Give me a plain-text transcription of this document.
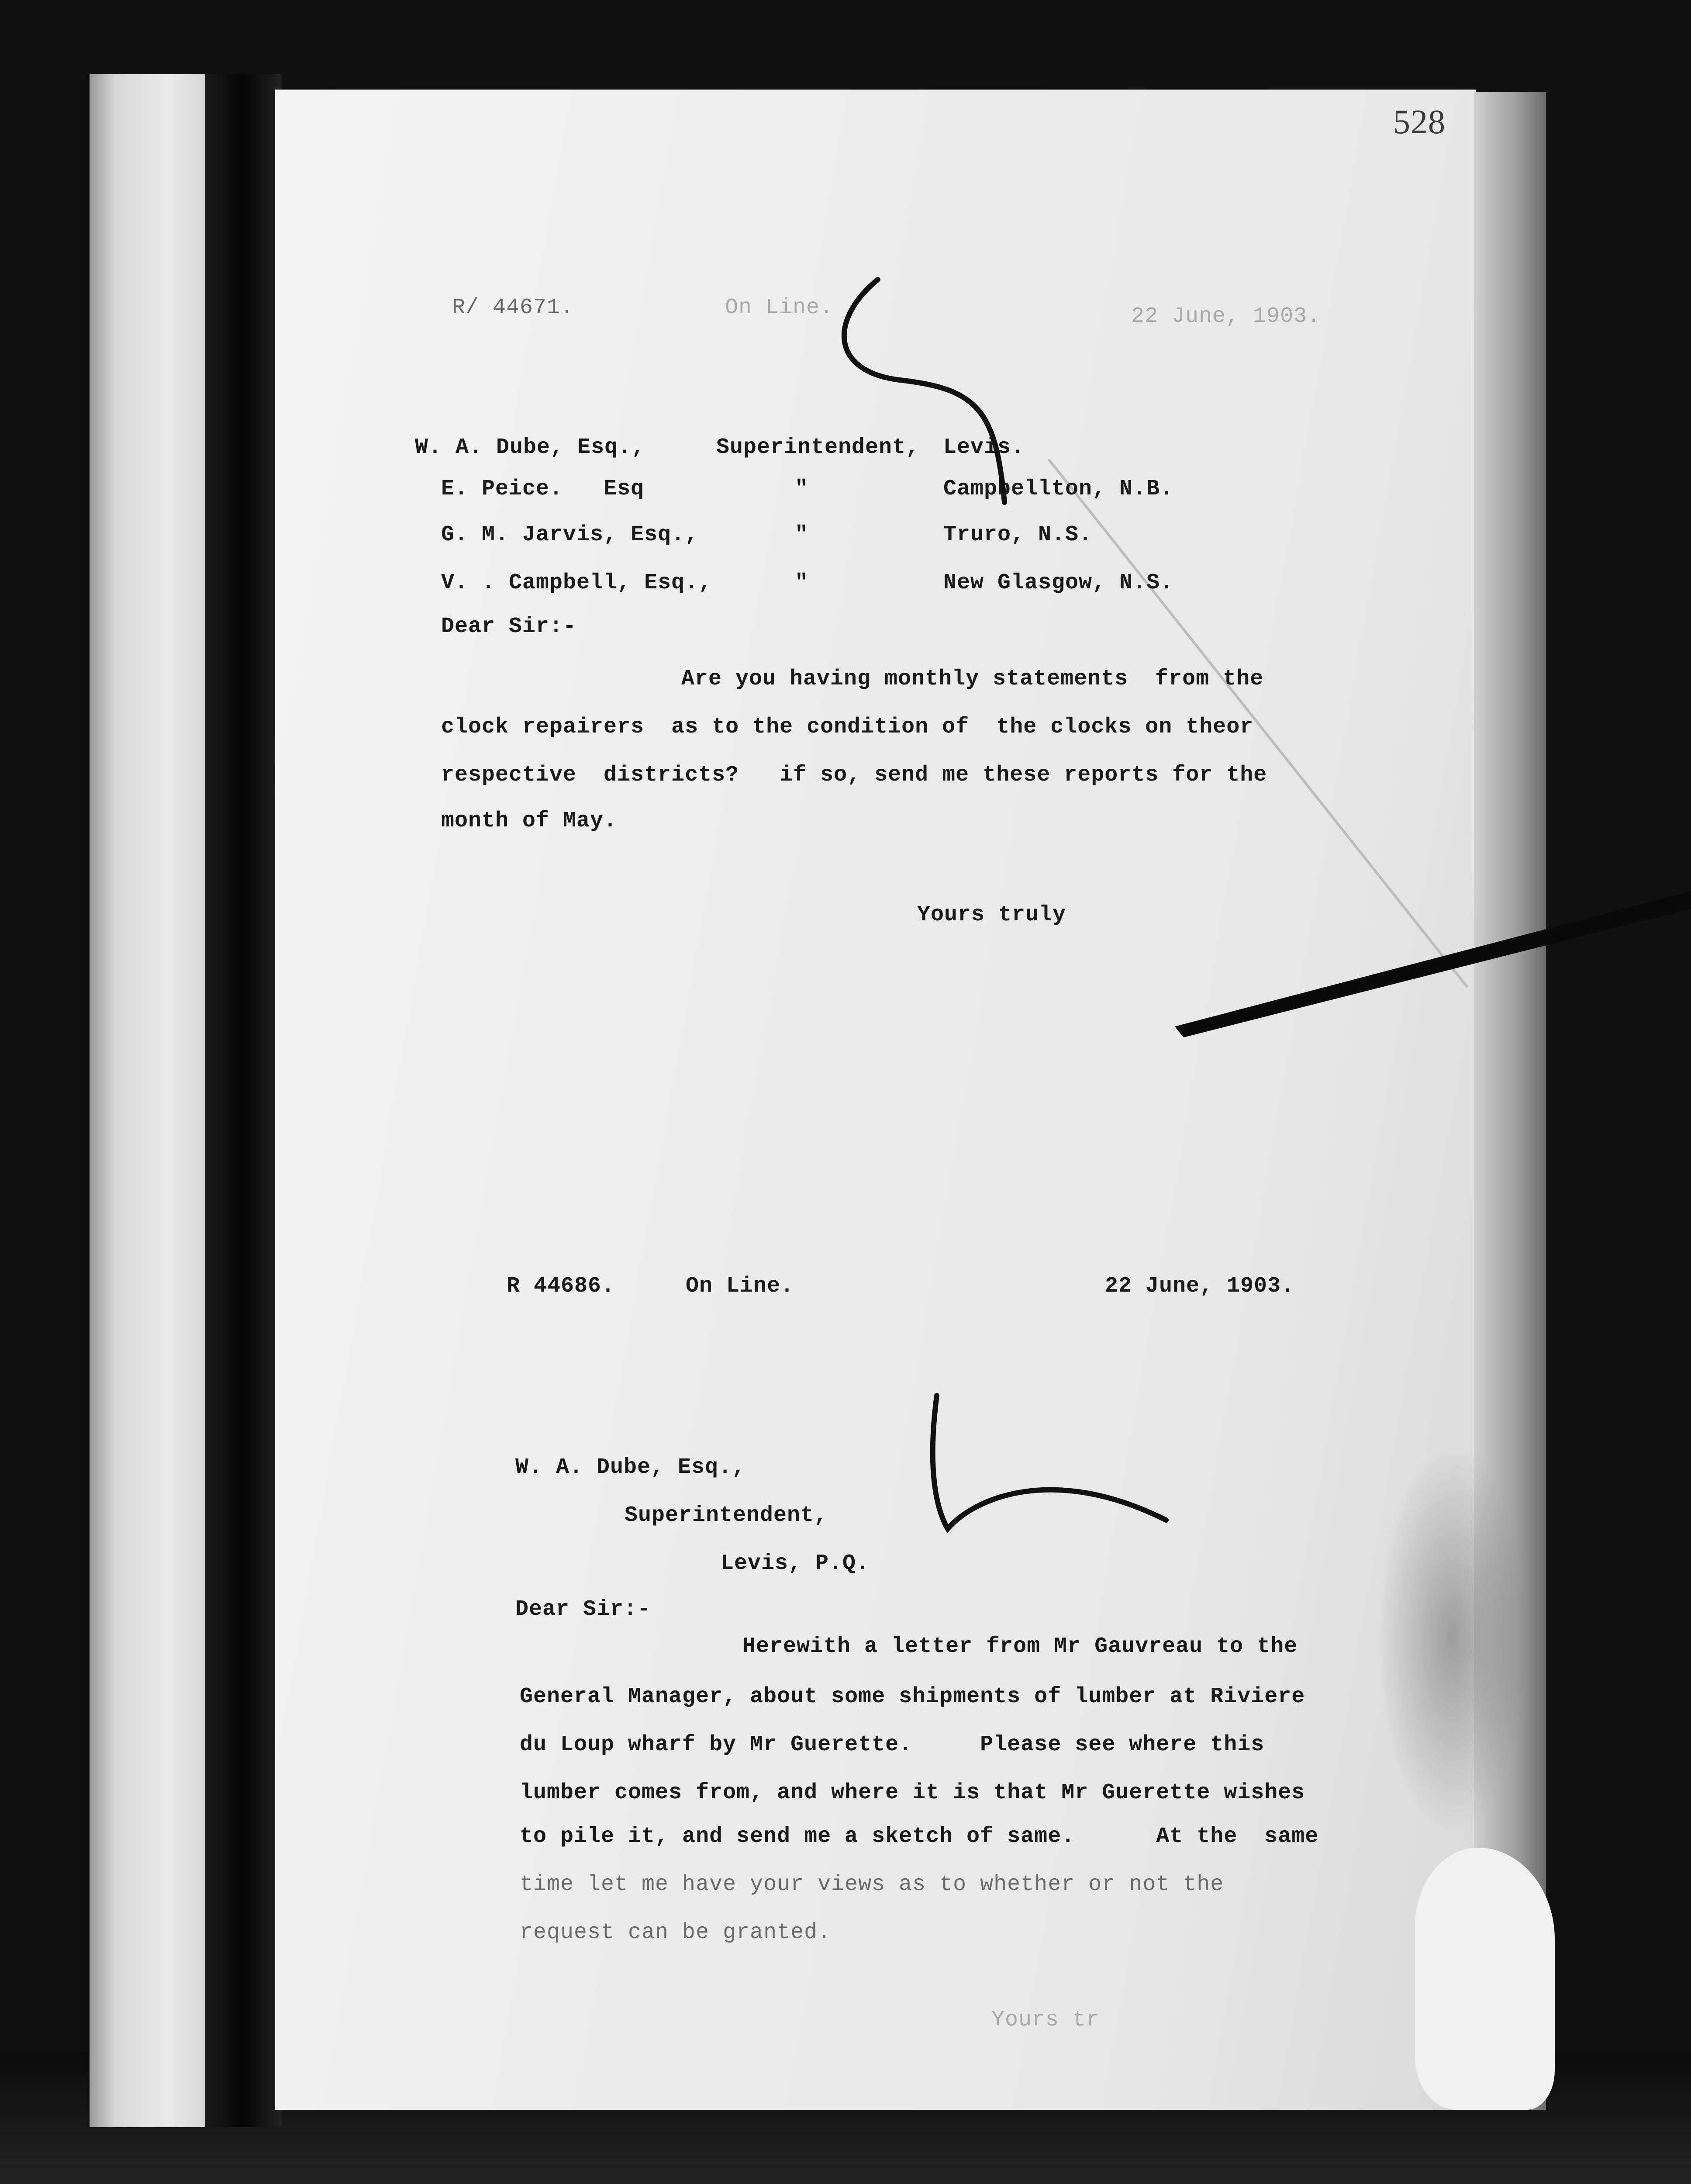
528
R/ 44671.	On Line.	22 June, 1903.
W. A. Dube, Esq.,	Superintendent, Levis.
E. Peice.   Esq	"	Campbellton, N.B.
G. M. Jarvis, Esq.,	"	Truro, N.S.
V. . Campbell, Esq.,	"	New Glasgow, N.S.
Dear Sir:-
Are you having monthly statements  from the
clock repairers  as to the condition of  the clocks on theor
respective  districts?   if so, send me these reports for the
month of May.
Yours truly
R 44686.	On Line.	22 June, 1903.
W. A. Dube, Esq.,
Superintendent,
Levis, P.Q.
Dear Sir:-
Herewith a letter from Mr Gauvreau to the
General Manager, about some shipments of lumber at Riviere
du Loup wharf by Mr Guerette.     Please see where this
lumber comes from, and where it is that Mr Guerette wishes
to pile it, and send me a sketch of same.      At the  same
time let me have your views as to whether or not the
request can be granted.
Yours tr
